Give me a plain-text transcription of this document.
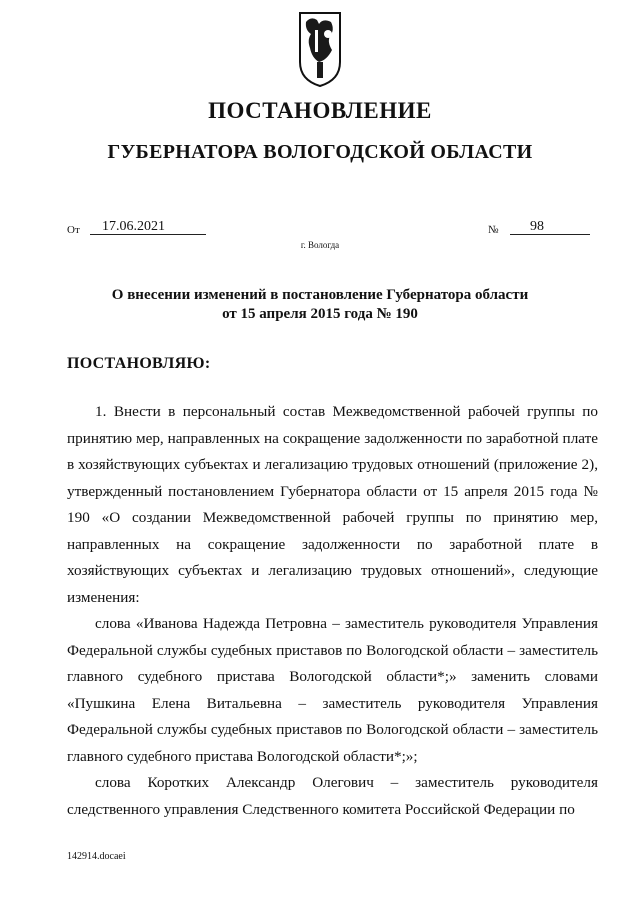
ПОСТАНОВЛЕНИЕ
ГУБЕРНАТОРА ВОЛОГОДСКОЙ ОБЛАСТИ
От	17.06.2021	№	98
г. Вологда
О внесении изменений в постановление Губернатора области
от 15 апреля 2015 года № 190
ПОСТАНОВЛЯЮ:

1. Внести в персональный состав Межведомственной рабочей группы по принятию мер, направленных на сокращение задолженности по заработной плате в хозяйствующих субъектах и легализацию трудовых отношений (приложение 2), утвержденный постановлением Губернатора области от 15 апреля 2015 года № 190 «О создании Межведомственной рабочей группы по принятию мер, направленных на сокращение задолженности по заработной плате в хозяйствующих субъектах и легализацию трудовых отношений», следующие изменения:

слова «Иванова Надежда Петровна – заместитель руководителя Управления Федеральной службы судебных приставов по Вологодской области – заместитель главного судебного пристава Вологодской области*;» заменить словами «Пушкина Елена Витальевна – заместитель руководителя Управления Федеральной службы судебных приставов по Вологодской области – заместитель главного судебного пристава Вологодской области*;»;

слова Коротких Александр Олегович – заместитель руководителя следственного управления Следственного комитета Российской Федерации по

142914.docaei
